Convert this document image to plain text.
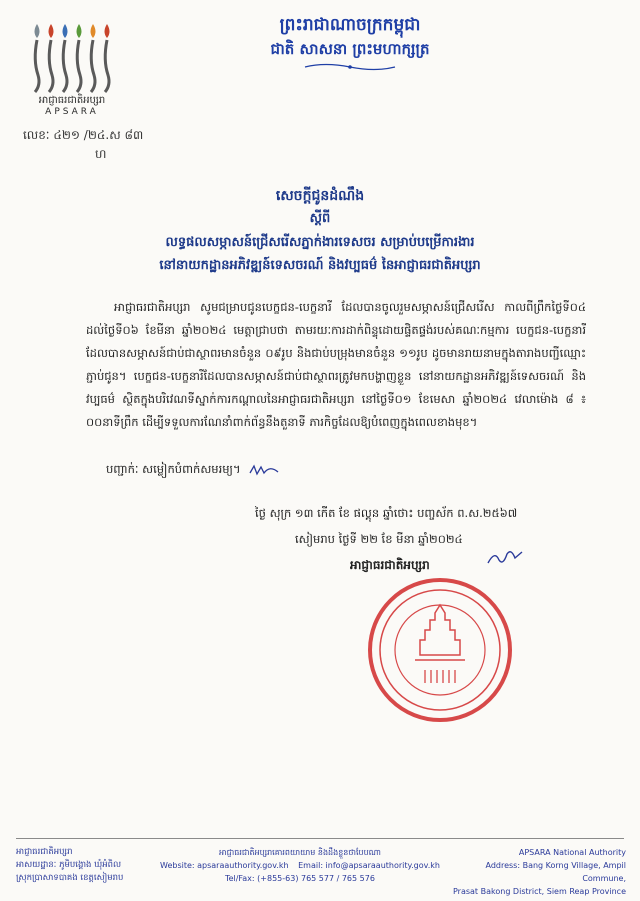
អាជ្ញាធរជាតិអប្សរា
APSARA
ព្រះរាជាណាចក្រកម្ពុជា
ជាតិ សាសនា ព្រះមហាក្សត្រ
លេខៈ ៤២១ /២៤.ស ៨៣
ហ
សេចក្តីជូនដំណឹង
ស្តីពី
លទ្ធផលសម្ភាសន៍ជ្រើសរើសភ្នាក់ងារទេសចរ សម្រាប់បម្រើការងារ
នៅនាយកដ្ឋានអភិវឌ្ឍន៍ទេសចរណ៍ និងវប្បធម៌ នៃអាជ្ញាធរជាតិអប្សរា

អាជ្ញាធរជាតិអប្សរា សូមជម្រាបជូនបេក្ខជន-បេក្ខនារី ដែលបានចូលរួមសម្ភាសន៍ជ្រើសរើស កាលពីព្រឹកថ្ងៃទី០៤ ដល់ថ្ងៃទី០៦ ខែមីនា ឆ្នាំ២០២៤ មេត្តាជ្រាបថា តាមរយៈការដាក់ពិន្ទុដោយផ្ទិតផ្ទង់របស់គណៈកម្មការ បេក្ខជន-បេក្ខនារី ដែលបានសម្ភាសន៍ជាប់ជាស្ថាពរមានចំនួន ០៩រូប និងជាប់បម្រុងមានចំនួន ១១រូប ដូចមានរាយនាមក្នុងតារាងបញ្ជីឈ្មោះភ្ជាប់ជូន។ បេក្ខជន-បេក្ខនារីដែលបានសម្ភាសន៍ជាប់ជាស្ថាពរត្រូវមកបង្ហាញខ្លួន នៅនាយកដ្ឋានអភិវឌ្ឍន៍ទេសចរណ៍ និងវប្បធម៌ ស្ថិតក្នុងបរិវេណទីស្នាក់ការកណ្តាលនៃអាជ្ញាធរជាតិអប្សរា នៅថ្ងៃទី០១ ខែមេសា ឆ្នាំ២០២៤ វេលាម៉ោង ៨ ៖ ០០នាទីព្រឹក ដើម្បីទទួលការណែនាំពាក់ព័ន្ធនឹងតួនាទី ភារកិច្ចដែលឱ្យបំពេញក្នុងពេលខាងមុខ។

បញ្ជាក់ៈ សម្លៀកបំពាក់សមរម្យ។
ថ្ងៃ សុក្រ ១៣ កើត ខែ ផល្គុន ឆ្នាំថោះ បញ្ចស័ក ព.ស.២៥៦៧
សៀមរាប ថ្ងៃទី ២២ ខែ មីនា ឆ្នាំ២០២៤
អាជ្ញាធរជាតិអប្សរា
អាជ្ញាធរជាតិអប្សរា
អាសយដ្ឋានៈ ភូមិបង្គោង ឃុំអំពិល
ស្រុកប្រាសាទបាគង ខេត្តសៀមរាប
អាជ្ញាធរជាតិអប្សរាគោរពយាយាម និងដឹងខ្លួនថាបែបណា
Website: apsaraauthority.gov.kh Email: info@apsaraauthority.gov.kh
Tel/Fax: (+855-63) 765 577 / 765 576
APSARA National Authority
Address: Bang Korng Village, Ampil Commune,
Prasat Bakong District, Siem Reap Province
